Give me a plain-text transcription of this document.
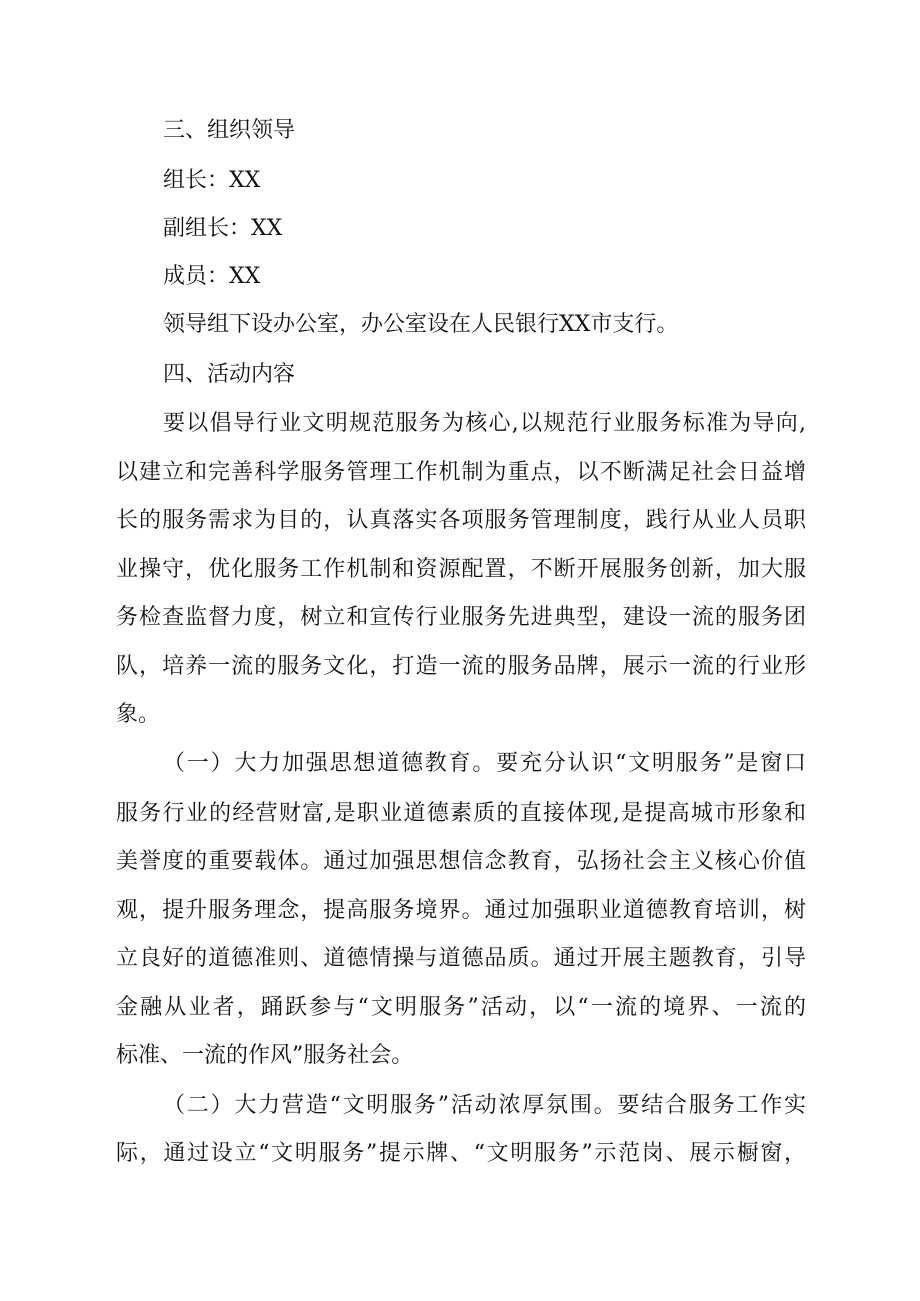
三、组织领导
组长：XX
副组长：XX
成员：XX
领导组下设办公室，办公室设在人民银行XX市支行。
四、活动内容
要以倡导行业文明规范服务为核心,以规范行业服务标准为导向,
以建立和完善科学服务管理工作机制为重点，以不断满足社会日益增
长的服务需求为目的，认真落实各项服务管理制度，践行从业人员职
业操守，优化服务工作机制和资源配置，不断开展服务创新，加大服
务检查监督力度，树立和宣传行业服务先进典型，建设一流的服务团
队，培养一流的服务文化，打造一流的服务品牌，展示一流的行业形
象。
（一）大力加强思想道德教育。要充分认识“文明服务”是窗口
服务行业的经营财富,是职业道德素质的直接体现,是提高城市形象和
美誉度的重要载体。通过加强思想信念教育，弘扬社会主义核心价值
观，提升服务理念，提高服务境界。通过加强职业道德教育培训，树
立良好的道德准则、道德情操与道德品质。通过开展主题教育，引导
金融从业者，踊跃参与“文明服务”活动，以“一流的境界、一流的
标准、一流的作风”服务社会。
（二）大力营造“文明服务”活动浓厚氛围。要结合服务工作实
际，通过设立“文明服务”提示牌、“文明服务”示范岗、展示橱窗，
